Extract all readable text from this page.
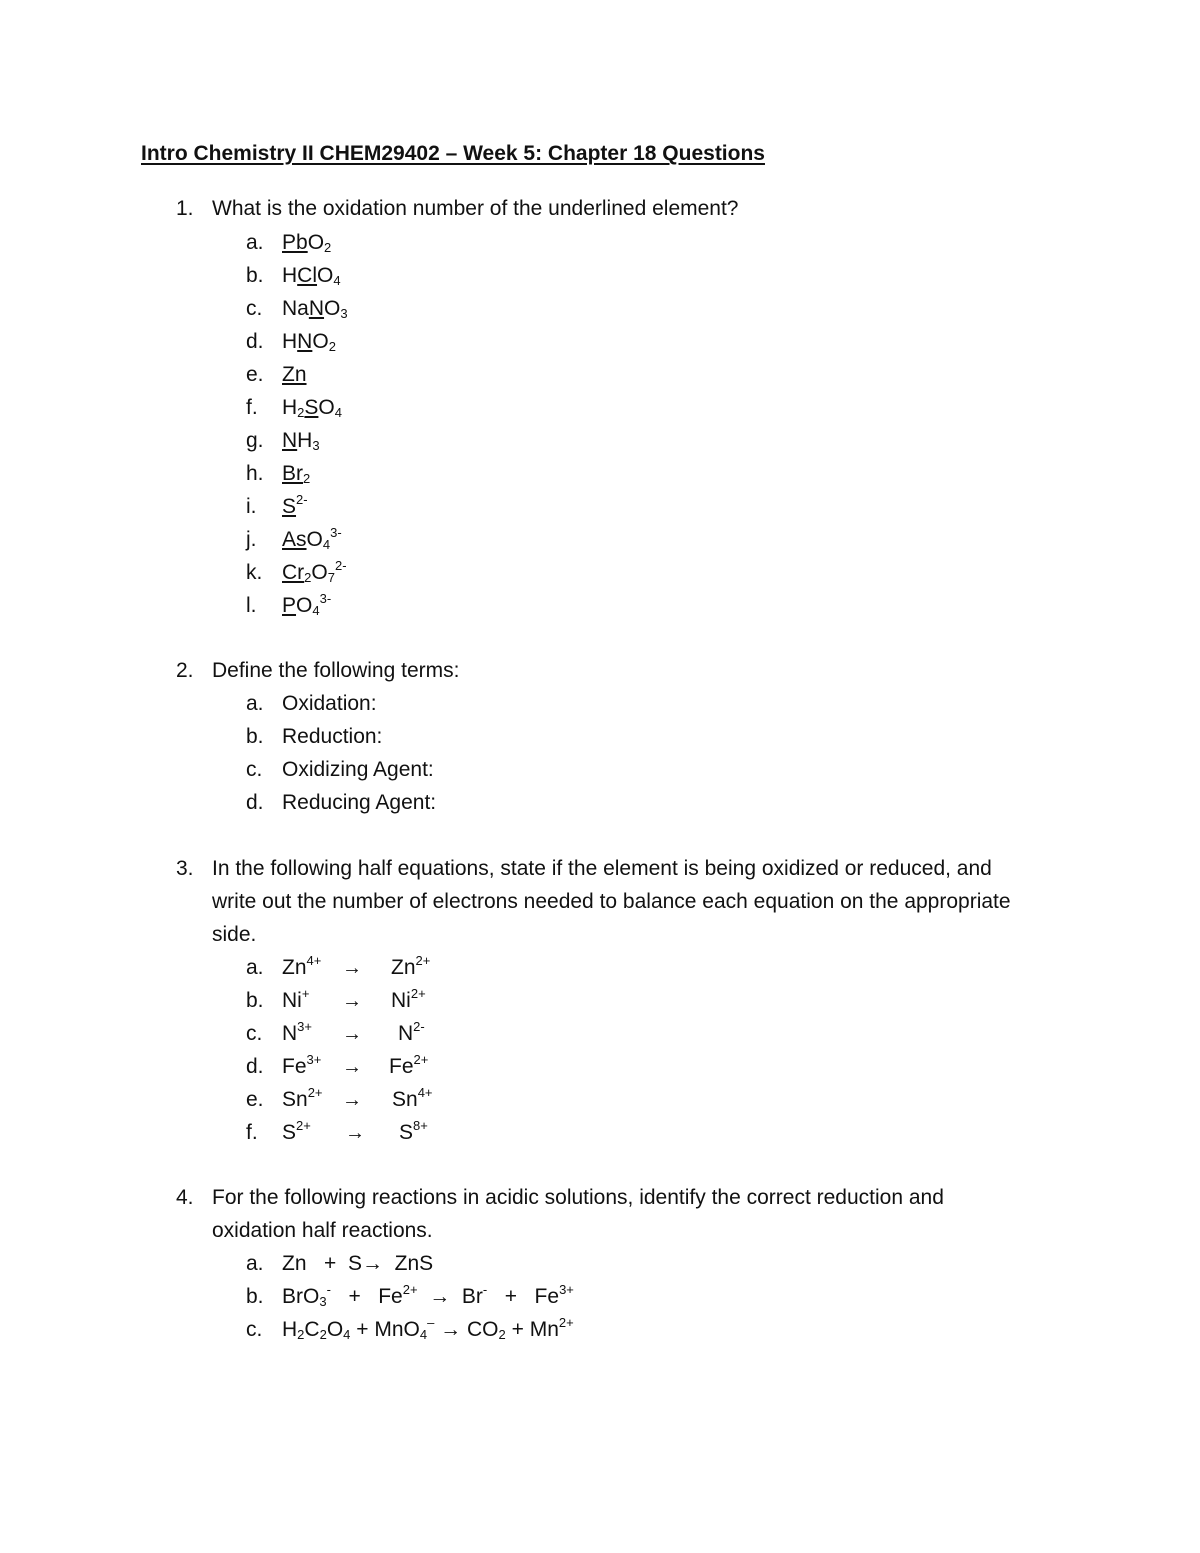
Intro Chemistry II CHEM29402 – Week 5: Chapter 18 Questions
1. What is the oxidation number of the underlined element?
a. PbO$_2$
b. HClO$_4$
c. NaNO$_3$
d. $HNO_2$
e. Zn
f. $H_2SO_4$
g. $NH_3$
h. $Br_2$
i. $S^{2-}$
j. AsO$_4^{3-}$
k. $Cr_2O_7^{2-}$
l. $PO_4^{3-}$
2. Define the following terms:
a. Oxidation:
b. Reduction:
c. Oxidizing Agent:
d. Reducing Agent:
3. In the following half equations, state if the element is being oxidized or reduced, and
write out the number of electrons needed to balance each equation on the appropriate
side.
a. $Zn^{4+} \to Zn^{2+}$
b. $Ni^+ \to Ni^{2+}$
c. $N^{3+} \to N^{2-}$
d. $Fe^{3+} \to Fe^{2+}$
e. $Sn^{2+} \to Sn^{4+}$
f. $S^{2+} \to S^{8+}$
4. For the following reactions in acidic solutions, identify the correct reduction and
oxidation half reactions.
a. Zn + S→ ZnS
b. $BrO_3^- + Fe^{2+} \to Br^- + Fe^{3+}$
c. $H_2C_2O_4 + MnO_4^- \to CO_2 + Mn^{2+}$
